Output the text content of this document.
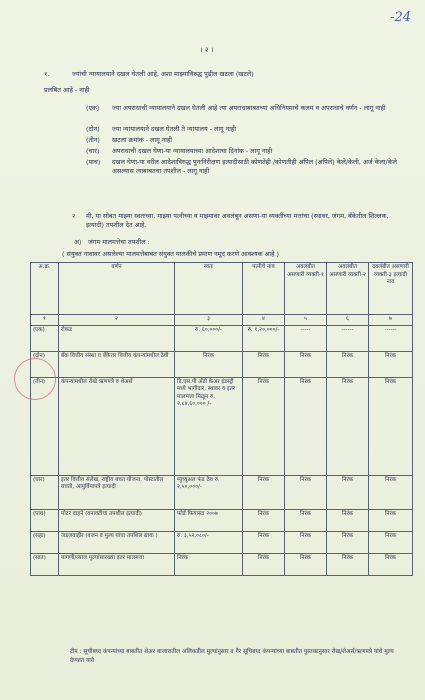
-24
। २ ।
१.	ज्यांची न्यायालयाने दखल घेतली आहे, अशा माझ्याविरुद्ध पुढील खटला (खटले)
प्रलंबित आहे - नाही
(एक) ज्या अपराधाची न्यायालयाने दखल घेतली आहे त्या अपराधाबाबतच्या अधिनियमाचे कलम व अपराधाचे वर्णन - लागू नाही
(दोन) ज्या न्यायालयाने दखल घेतली ते न्यायालय - लागू नाही
(तीन) खटला क्रमांक - लागू नाही
(चार) अपराधाची दखल घेणा-या न्यायालयाच्या आदेशाचा दिनांक - लागू नाही
(पाच) दखल घेणा-या वरील आदेशाविरुद्ध पुनःनिरीक्षण इत्यादीसाठी कोणतेही /कोणतीही अपिल (अपिले) केले/केली, अर्ज केला/केले असल्यास त्याबाबतचा तपशील - लागू नाही
२ मी, या सोबत माझ्या स्वतःच्या, माझ्या पत्नीच्या व माझ्यावर अवलंबून असणा-या व्यक्तींच्या मत्तांचा (स्थावर, जंगम, बँकेतील शिल्लक, इत्यादी) तपशील देत आहे.
अ) जंगम मालमत्तेचा तपशील :
( संयुक्त नावावर असलेल्या मालमत्तेबाबत संयुक्त मालकीचे प्रमाण नमूद करणे आवश्यक आहे )
अ.क्र.	वर्णन	स्वतः	पत्नीचे नांव	अवलंबीत असणारी व्यक्ती-१	अवलंबीत असणारी व्यक्ती-२	दवलंबीत असणारी व्यक्ती-३ इत्यादी नाव
१	२	३	४	५	६	७
(एक)	रोकड	रु. ६०,०००/-	रु. १,२०,०००/-	-----	------	------
(दोन)	बँक वित्तीय संस्था व बँकेत्तर वित्तीय कंपन्यांमधील ठेवी	निरंक	निरंक	निरंक	निरंक	निरंक
(तीन)	कंपन्यामधील रोखे ऋणपत्रे व शेअर्स	डि.एस.पी अँडो केअर इंडस्ट्री मध्ये भागीदार, स्थावर व इतर मालमत्ता मिळून रु. २,८४,६०,००० /-	निरंक	निरंक	निरंक	निरंक
(चार)	इतर वित्तीय संलेख, राष्ट्रीय बचत योजना, पोस्टातील बचती, आयुर्विमापत्रे इत्यादी	म्युच्युअल फंड ठेव रु. २,५०,०००/-	निरंक	निरंक	निरंक	निरंक
(पाच)	मोटर वाहने (वनावटीचा तपशील इत्यादी)	फोर्ड फियास्टा २००७	निरंक	निरंक	निरंक	निरंक
(सहा)	जडजवाहीर (वजन व मुल्य यांचा तपशिल द्यावा )	रु. ३,५२,०८०/-	निरंक	निरंक	निरंक	निरंक
(सात)	मागणी/व्याज मुल्यांसारख्या इतर मालमत्ता	निरंक	निरंक	निरंक	निरंक	निरंक
टीप : सूचीबध्द कंपन्यांच्या बाबतीत शेअर बाजारातील अलिकडील मुल्यांनुसार व गैर सूचिबध्द कंपन्यांच्या बाबतीत पुस्तकानुसार रोख/शेअर्स/ऋणपत्रे यांचे मुल्य देण्यात यावे
